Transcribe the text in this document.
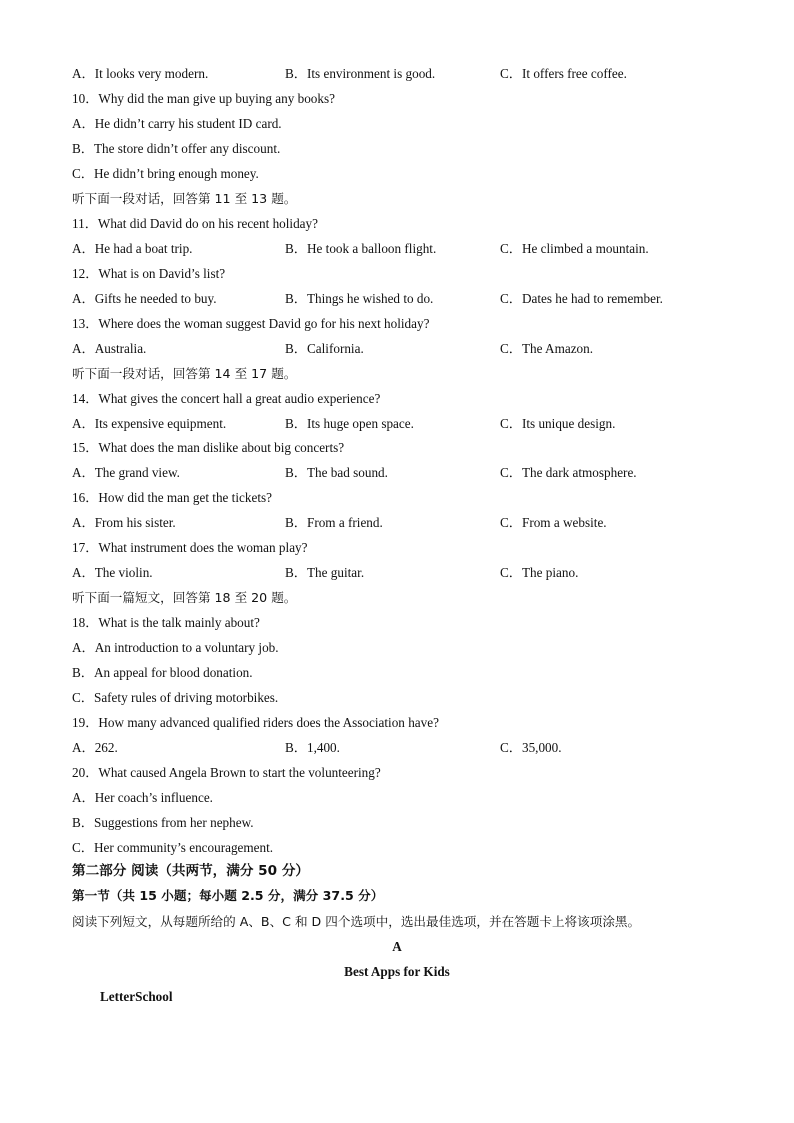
A．It looks very modern.	B．Its environment is good.	C．It offers free coffee.
10．Why did the man give up buying any books?
A．He didn’t carry his student ID card.
B．The store didn’t offer any discount.
C．He didn’t bring enough money.
听下面一段对话，回答第 11 至 13 题。
11．What did David do on his recent holiday?
A．He had a boat trip.	B．He took a balloon flight.	C．He climbed a mountain.
12．What is on David’s list?
A．Gifts he needed to buy.	B．Things he wished to do.	C．Dates he had to remember.
13．Where does the woman suggest David go for his next holiday?
A．Australia.	B．California.	C．The Amazon.
听下面一段对话，回答第 14 至 17 题。
14．What gives the concert hall a great audio experience?
A．Its expensive equipment.	B．Its huge open space.	C．Its unique design.
15．What does the man dislike about big concerts?
A．The grand view.	B．The bad sound.	C．The dark atmosphere.
16．How did the man get the tickets?
A．From his sister.	B．From a friend.	C．From a website.
17．What instrument does the woman play?
A．The violin.	B．The guitar.	C．The piano.
听下面一篇短文，回答第 18 至 20 题。
18．What is the talk mainly about?
A．An introduction to a voluntary job.
B．An appeal for blood donation.
C．Safety rules of driving motorbikes.
19．How many advanced qualified riders does the Association have?
A．262.	B．1,400.	C．35,000.
20．What caused Angela Brown to start the volunteering?
A．Her coach’s influence.
B．Suggestions from her nephew.
C．Her community’s encouragement.
第二部分 阅读（共两节，满分 50 分）
第一节（共 15 小题；每小题 2.5 分，满分 37.5 分）
阅读下列短文，从每题所给的 A、B、C 和 D 四个选项中，选出最佳选项，并在答题卡上将该项涂黑。
A
Best Apps for Kids
LetterSchool
